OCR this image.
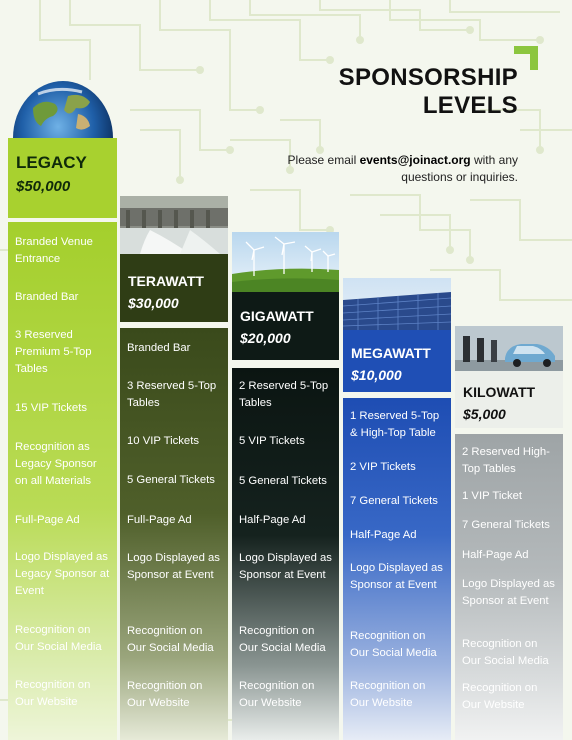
SPONSORSHIP
LEVELS
Please email events@joinact.org with any questions or inquiries.
LEGACY
$50,000
Branded Venue Entrance
Branded Bar
3 Reserved Premium 5-Top Tables
15 VIP Tickets
Recognition as Legacy Sponsor on all Materials
Full-Page Ad
Logo Displayed as Legacy Sponsor at Event
Recognition on Our Social Media
Recognition on Our Website
TERAWATT
$30,000
Branded Bar
3 Reserved 5-Top Tables
10 VIP Tickets
5 General Tickets
Full-Page Ad
Logo Displayed as Sponsor at Event
Recognition on Our Social Media
Recognition on Our Website
GIGAWATT
$20,000
2 Reserved 5-Top Tables
5 VIP Tickets
5 General Tickets
Half-Page Ad
Logo Displayed as Sponsor at Event
Recognition on Our Social Media
Recognition on Our Website
MEGAWATT
$10,000
1 Reserved 5-Top & High-Top Table
2 VIP Tickets
7 General Tickets
Half-Page Ad
Logo Displayed as Sponsor at Event
Recognition on Our Social Media
Recognition on Our Website
KILOWATT
$5,000
2 Reserved High-Top Tables
1 VIP Ticket
7 General Tickets
Half-Page Ad
Logo Displayed as Sponsor at Event
Recognition on Our Social Media
Recognition on Our Website
